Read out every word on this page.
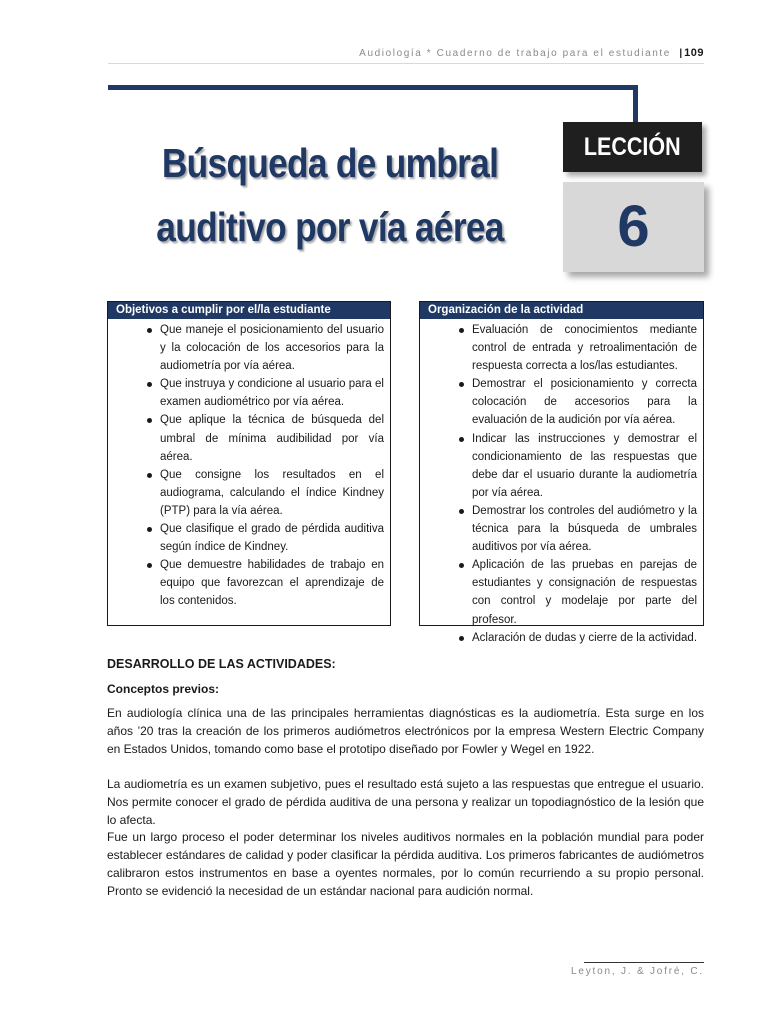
Audiología * Cuaderno de trabajo para el estudiante | 109
Búsqueda de umbral
auditivo por vía aérea
LECCIÓN
6
Objetivos a cumplir por el/la estudiante
Que maneje el posicionamiento del usuario y la colocación de los accesorios para la audiometría por vía aérea.
Que instruya y condicione al usuario para el examen audiométrico por vía aérea.
Que aplique la técnica de búsqueda del umbral de mínima audibilidad por vía aérea.
Que consigne los resultados en el audiograma, calculando el índice Kindney (PTP) para la vía aérea.
Que clasifique el grado de pérdida auditiva según índice de Kindney.
Que demuestre habilidades de trabajo en equipo que favorezcan el aprendizaje de los contenidos.
Organización de la actividad
Evaluación de conocimientos mediante control de entrada y retroalimentación de respuesta correcta a los/las estudiantes.
Demostrar el posicionamiento y correcta colocación de accesorios para la evaluación de la audición por vía aérea.
Indicar las instrucciones y demostrar el condicionamiento de las respuestas que debe dar el usuario durante la audiometría por vía aérea.
Demostrar los controles del audiómetro y la técnica para la búsqueda de umbrales auditivos por vía aérea.
Aplicación de las pruebas en parejas de estudiantes y consignación de respuestas con control y modelaje por parte del profesor.
Aclaración de dudas y cierre de la actividad.
DESARROLLO DE LAS ACTIVIDADES:
Conceptos previos:

En audiología clínica una de las principales herramientas diagnósticas es la audiometría. Esta surge en los años ’20 tras la creación de los primeros audiómetros electrónicos por la empresa Western Electric Company en Estados Unidos, tomando como base el prototipo diseñado por Fowler y Wegel en 1922.

La audiometría es un examen subjetivo, pues el resultado está sujeto a las respuestas que entregue el usuario. Nos permite conocer el grado de pérdida auditiva de una persona y realizar un topodiagnóstico de la lesión que lo afecta.

Fue un largo proceso el poder determinar los niveles auditivos normales en la población mundial para poder establecer estándares de calidad y poder clasificar la pérdida auditiva. Los primeros fabricantes de audiómetros calibraron estos instrumentos en base a oyentes normales, por lo común recurriendo a su propio personal. Pronto se evidenció la necesidad de un estándar nacional para audición normal.

Leyton, J. & Jofré, C.
